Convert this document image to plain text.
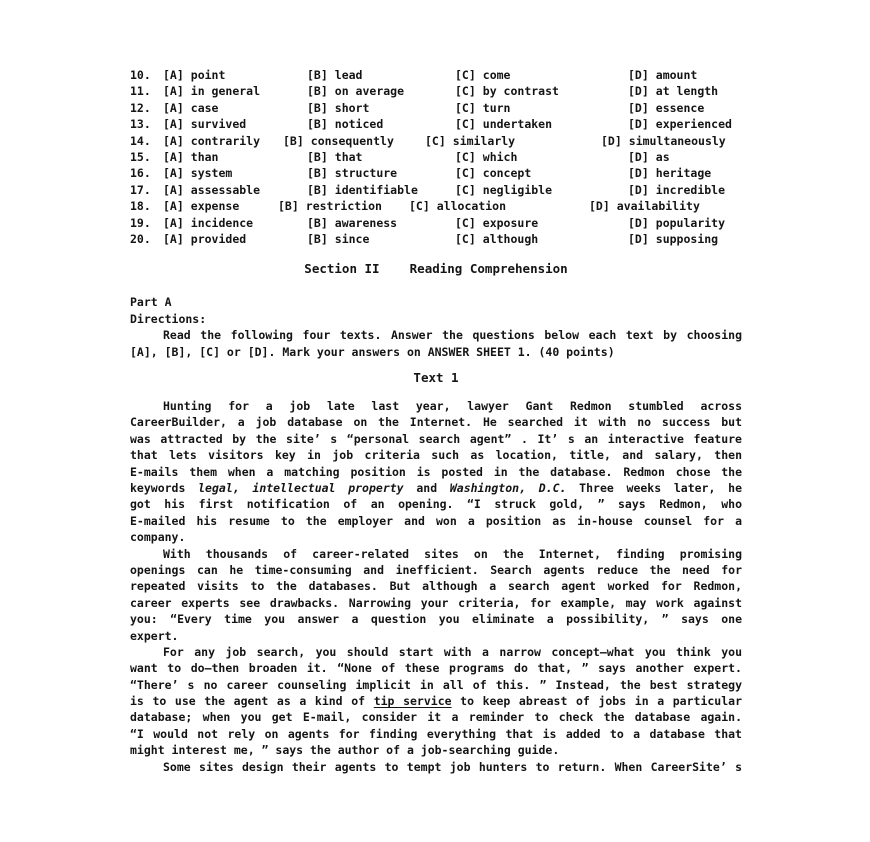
10.	[A] point	[B] lead	[C] come	[D] amount
11.	[A] in general	[B] on average	[C] by contrast	[D] at length
12.	[A] case	[B] short	[C] turn	[D] essence
13.	[A] survived	[B] noticed	[C] undertaken	[D] experienced
14.	[A] contrarily	[B] consequently	[C] similarly	[D] simultaneously
15.	[A] than	[B] that	[C] which	[D] as
16.	[A] system	[B] structure	[C] concept	[D] heritage
17.	[A] assessable	[B] identifiable	[C] negligible	[D] incredible
18.	[A] expense	[B] restriction	[C] allocation	[D] availability
19.	[A] incidence	[B] awareness	[C] exposure	[D] popularity
20.	[A] provided	[B] since	[C] although	[D] supposing
Section II    Reading Comprehension
Part A
Directions:
Read the following four texts. Answer the questions below each text by choosing
[A], [B], [C] or [D]. Mark your answers on ANSWER SHEET 1. (40 points)
Text 1
Hunting for a job late last year, lawyer Gant Redmon stumbled across
CareerBuilder, a job database on the Internet. He searched it with no success but
was attracted by the site’ s “personal search agent” . It’ s an interactive feature
that lets visitors key in job criteria such as location, title, and salary, then
E-mails them when a matching position is posted in the database. Redmon chose the
keywords legal, intellectual property and Washington, D.C. Three weeks later, he
got his first notification of an opening. “I struck gold, ” says Redmon, who
E-mailed his resume to the employer and won a position as in-house counsel for a
company.
With thousands of career-related sites on the Internet, finding promising
openings can he time-consuming and inefficient. Search agents reduce the need for
repeated visits to the databases. But although a search agent worked for Redmon,
career experts see drawbacks. Narrowing your criteria, for example, may work against
you: “Every time you answer a question you eliminate a possibility, ” says one
expert.
For any job search, you should start with a narrow concept—what you think you
want to do—then broaden it. “None of these programs do that, ” says another expert.
“There’ s no career counseling implicit in all of this. ” Instead, the best strategy
is to use the agent as a kind of tip service to keep abreast of jobs in a particular
database; when you get E-mail, consider it a reminder to check the database again.
“I would not rely on agents for finding everything that is added to a database that
might interest me, ” says the author of a job-searching guide.
Some sites design their agents to tempt job hunters to return. When CareerSite’ s
